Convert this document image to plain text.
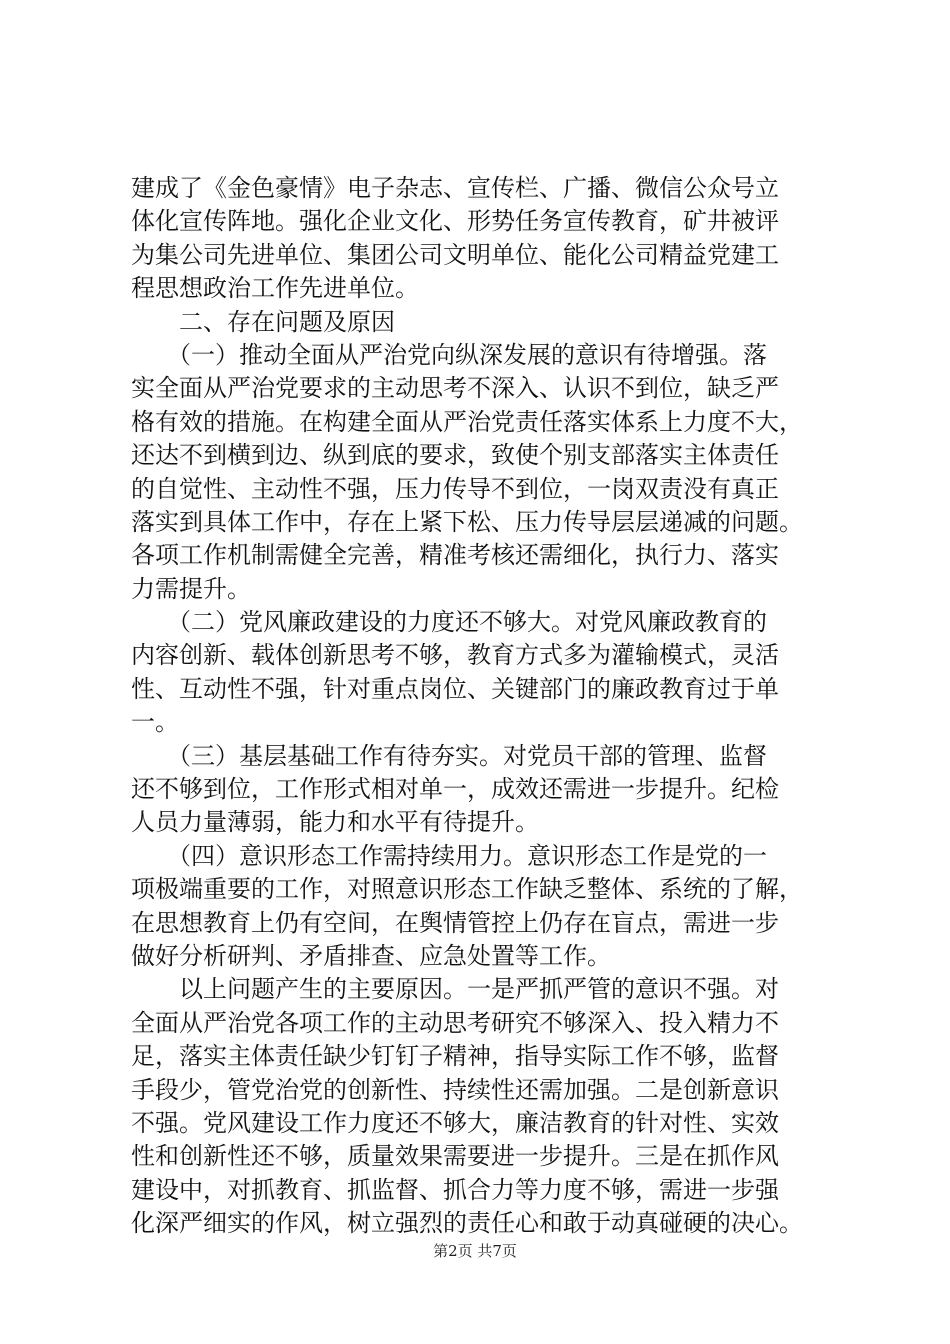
建成了《金色豪情》电子杂志、宣传栏、广播、微信公众号立
体化宣传阵地。强化企业文化、形势任务宣传教育，矿井被评
为集公司先进单位、集团公司文明单位、能化公司精益党建工
程思想政治工作先进单位。
　　二、存在问题及原因
　　（一）推动全面从严治党向纵深发展的意识有待增强。落
实全面从严治党要求的主动思考不深入、认识不到位，缺乏严
格有效的措施。在构建全面从严治党责任落实体系上力度不大，
还达不到横到边、纵到底的要求，致使个别支部落实主体责任
的自觉性、主动性不强，压力传导不到位，一岗双责没有真正
落实到具体工作中，存在上紧下松、压力传导层层递减的问题。
各项工作机制需健全完善，精准考核还需细化，执行力、落实
力需提升。
　　（二）党风廉政建设的力度还不够大。对党风廉政教育的
内容创新、载体创新思考不够，教育方式多为灌输模式，灵活
性、互动性不强，针对重点岗位、关键部门的廉政教育过于单
一。
　　（三）基层基础工作有待夯实。对党员干部的管理、监督
还不够到位，工作形式相对单一，成效还需进一步提升。纪检
人员力量薄弱，能力和水平有待提升。
　　（四）意识形态工作需持续用力。意识形态工作是党的一
项极端重要的工作，对照意识形态工作缺乏整体、系统的了解，
在思想教育上仍有空间，在舆情管控上仍存在盲点，需进一步
做好分析研判、矛盾排查、应急处置等工作。
　　以上问题产生的主要原因。一是严抓严管的意识不强。对
全面从严治党各项工作的主动思考研究不够深入、投入精力不
足，落实主体责任缺少钉钉子精神，指导实际工作不够，监督
手段少，管党治党的创新性、持续性还需加强。二是创新意识
不强。党风建设工作力度还不够大，廉洁教育的针对性、实效
性和创新性还不够，质量效果需要进一步提升。三是在抓作风
建设中，对抓教育、抓监督、抓合力等力度不够，需进一步强
化深严细实的作风，树立强烈的责任心和敢于动真碰硬的决心。
第2页 共7页
